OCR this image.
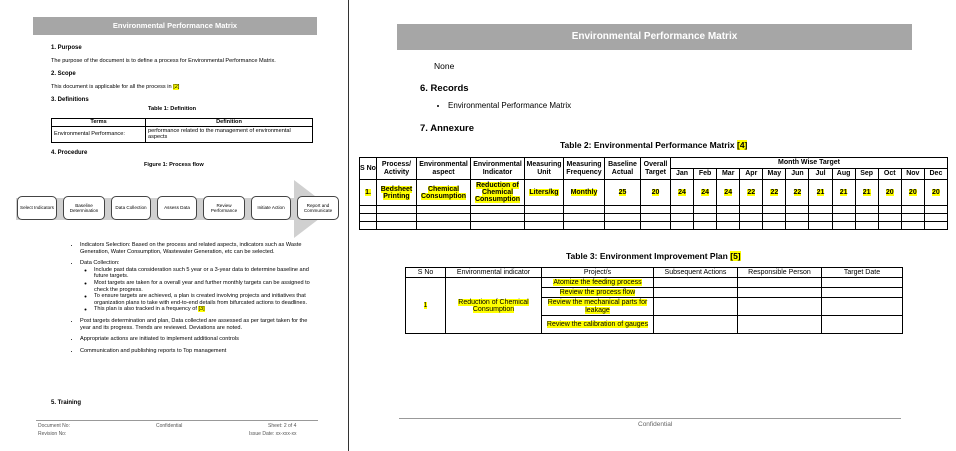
Environmental Performance Matrix
1. Purpose
The purpose of the document is to define a process for Environmental Performance Matrix.
2. Scope
This document is applicable for all the process in [2]
3. Definitions
Table 1: Definition
Terms	Definition
Environmental Performance:	performance related to the management of environmental aspects
4. Procedure
Figure 1: Process flow
Select Indicators
Baseline Determination
Data Collection	Assess Data
Review Performance
Initiate Action
Report and Communicate
• Indicators Selection: Based on the process and related aspects, indicators such as Waste Generation, Water Consumption, Wastewater Generation, etc can be selected.
• Data Collection:
◦ Include past data consideration such 5 year or a 3-year data to determine baseline and future targets.
◦ Most targets are taken for a overall year and further monthly targets can be assigned to check the progress.
◦ To ensure targets are achieved, a plan is created involving projects and initiatives that organization plans to take with end-to-end details from bifurcated actions to deadlines.
◦ This plan is also tracked in a frequency of [3]
• Post targets determination and plan, Data collected are assessed as per target taken for the year and its progress. Trends are reviewed. Deviations are noted.
• Appropriate actions are initiated to implement additional controls
• Communication and publishing reports to Top management
5. Training
Document No:
Revision No:
Confidential	Sheet: 2 of 4
Issue Date: xx-xxx-xx
Environmental Performance Matrix
None
6. Records
• Environmental Performance Matrix
7. Annexure
Table 2: Environmental Performance Matrix [4]
S No	Process/ Activity	Environmental aspect	Environmental Indicator	Measuring Unit	Measuring Frequency	Baseline Actual	Overall Target	Month Wise Target											
								Jan	Feb	Mar	Apr	May	Jun	Jul	Aug	Sep	Oct	Nov	Dec
1.	Bedsheet Printing	Chemical Consumption	Reduction of Chemical Consumption	Liters/kg	Monthly	25	20	24	24	24	22	22	22	21	21	21	20	20	20

Table 3: Environment Improvement Plan [5]
S No	Environmental indicator	Project/s	Subsequent Actions	Responsible Person	Target Date
1	Reduction of Chemical Consumption	Atomize the feeding process			
		Review the process flow			
		Review the mechanical parts for leakage			
		Review the calibration of gauges			
Confidential
